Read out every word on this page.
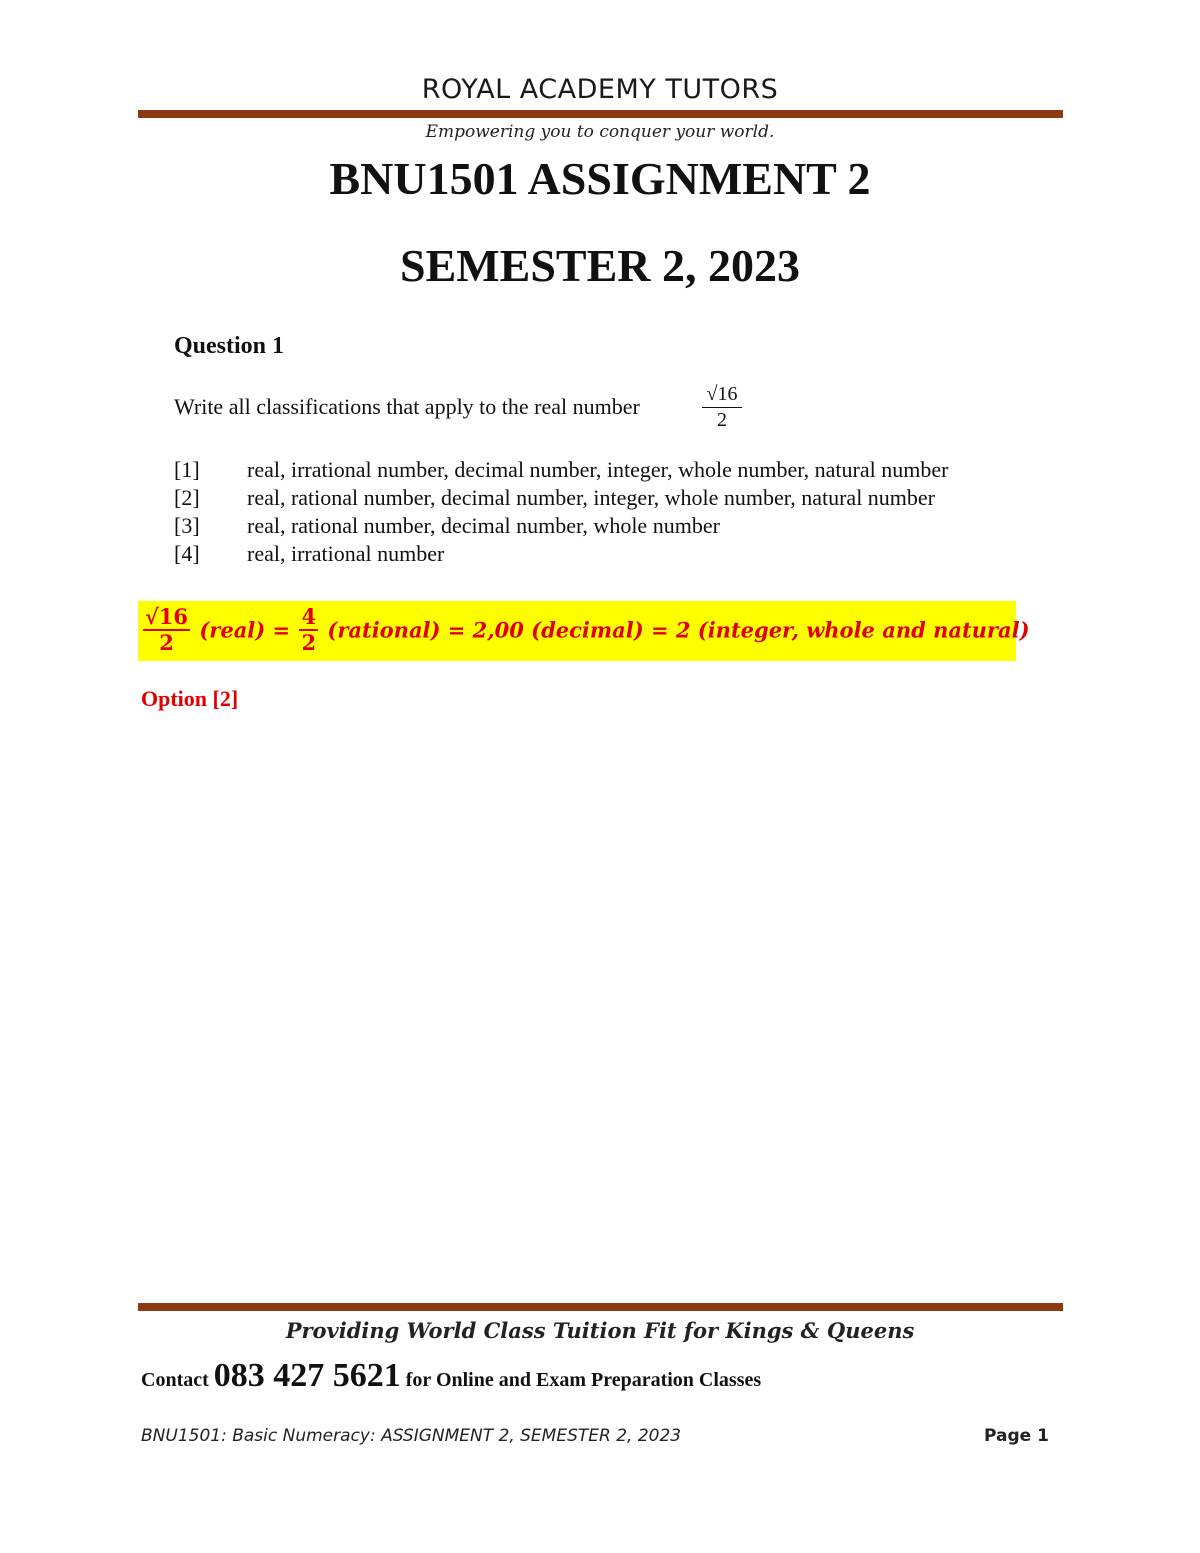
ROYAL ACADEMY TUTORS
Empowering you to conquer your world.
BNU1501 ASSIGNMENT 2
SEMESTER 2, 2023
Question 1
Write all classifications that apply to the real number	$\frac{√16}{2}$
[1] real, irrational number, decimal number, integer, whole number, natural number
[2] real, rational number, decimal number, integer, whole number, natural number
[3] real, rational number, decimal number, whole number
[4] real, irrational number
$\frac{√16}{2}$ (real) = $\frac{4}{2}$ (rational) = 2,00 (decimal) = 2 (integer, whole and natural)
Option [2]
Providing World Class Tuition Fit for Kings & Queens
Contact 083 427 5621 for Online and Exam Preparation Classes
BNU1501: Basic Numeracy: ASSIGNMENT 2, SEMESTER 2, 2023	Page 1
